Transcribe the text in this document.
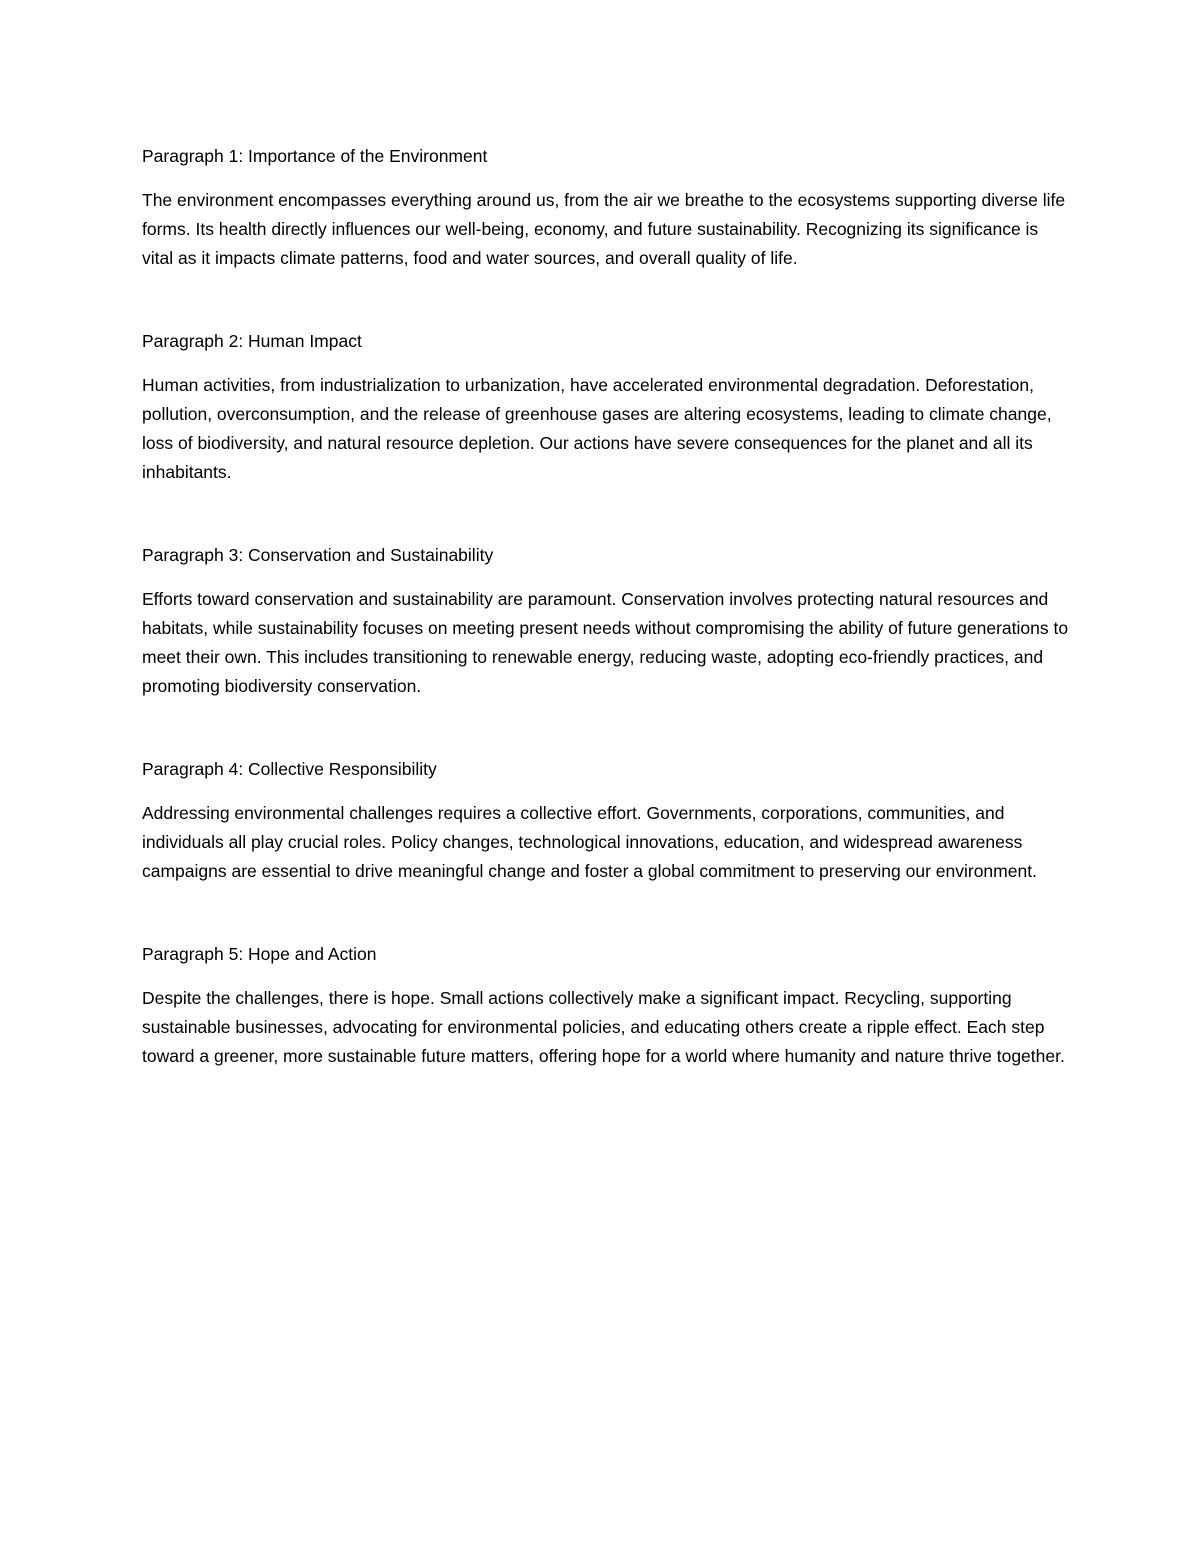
Paragraph 1: Importance of the Environment

The environment encompasses everything around us, from the air we breathe to the ecosystems supporting diverse life forms. Its health directly influences our well-being, economy, and future sustainability. Recognizing its significance is vital as it impacts climate patterns, food and water sources, and overall quality of life.

Paragraph 2: Human Impact

Human activities, from industrialization to urbanization, have accelerated environmental degradation. Deforestation, pollution, overconsumption, and the release of greenhouse gases are altering ecosystems, leading to climate change, loss of biodiversity, and natural resource depletion. Our actions have severe consequences for the planet and all its inhabitants.

Paragraph 3: Conservation and Sustainability

Efforts toward conservation and sustainability are paramount. Conservation involves protecting natural resources and habitats, while sustainability focuses on meeting present needs without compromising the ability of future generations to meet their own. This includes transitioning to renewable energy, reducing waste, adopting eco-friendly practices, and promoting biodiversity conservation.

Paragraph 4: Collective Responsibility

Addressing environmental challenges requires a collective effort. Governments, corporations, communities, and individuals all play crucial roles. Policy changes, technological innovations, education, and widespread awareness campaigns are essential to drive meaningful change and foster a global commitment to preserving our environment.

Paragraph 5: Hope and Action

Despite the challenges, there is hope. Small actions collectively make a significant impact. Recycling, supporting sustainable businesses, advocating for environmental policies, and educating others create a ripple effect. Each step toward a greener, more sustainable future matters, offering hope for a world where humanity and nature thrive together.
